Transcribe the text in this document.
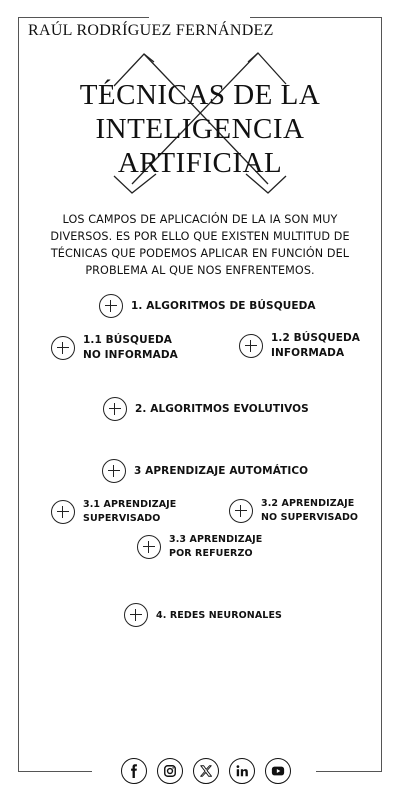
RAÚL RODRÍGUEZ FERNÁNDEZ
TÉCNICAS DE LA
INTELIGENCIA
ARTIFICIAL
LOS CAMPOS DE APLICACIÓN DE LA IA SON MUY DIVERSOS. ES POR ELLO QUE EXISTEN MULTITUD DE TÉCNICAS QUE PODEMOS APLICAR EN FUNCIÓN DEL PROBLEMA AL QUE NOS ENFRENTEMOS.
1. ALGORITMOS DE BÚSQUEDA
1.1 BÚSQUEDA NO INFORMADA
1.2 BÚSQUEDA INFORMADA
2. ALGORITMOS EVOLUTIVOS
3 APRENDIZAJE AUTOMÁTICO
3.1 APRENDIZAJE SUPERVISADO
3.2 APRENDIZAJE NO SUPERVISADO
3.3 APRENDIZAJE POR REFUERZO
4. REDES NEURONALES
